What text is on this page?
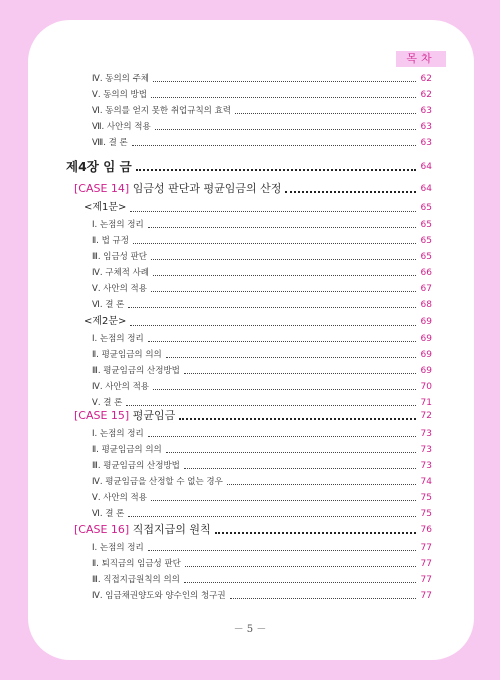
목차
Ⅳ. 동의의 주체	62
Ⅴ. 동의의 방법	62
Ⅵ. 동의를 얻지 못한 취업규칙의 효력	63
Ⅶ. 사안의 적용	63
Ⅷ. 결 론	63
제4장 임 금	64
[CASE 14] 임금성 판단과 평균임금의 산정	64
<제1문>	65
Ⅰ. 논점의 정리	65
Ⅱ. 법 규정	65
Ⅲ. 임금성 판단	65
Ⅳ. 구체적 사례	66
Ⅴ. 사안의 적용	67
Ⅵ. 결 론	68
<제2문>	69
Ⅰ. 논점의 정리	69
Ⅱ. 평균임금의 의의	69
Ⅲ. 평균임금의 산정방법	69
Ⅳ. 사안의 적용	70
Ⅴ. 결 론	71
[CASE 15] 평균임금	72
Ⅰ. 논점의 정리	73
Ⅱ. 평균임금의 의의	73
Ⅲ. 평균임금의 산정방법	73
Ⅳ. 평균임금을 산정할 수 없는 경우	74
Ⅴ. 사안의 적용	75
Ⅵ. 결 론	75
[CASE 16] 직접지급의 원칙	76
Ⅰ. 논점의 정리	77
Ⅱ. 퇴직금의 임금성 판단	77
Ⅲ. 직접지급원칙의 의의	77
Ⅳ. 임금채권양도와 양수인의 청구권	77
－ 5 －
